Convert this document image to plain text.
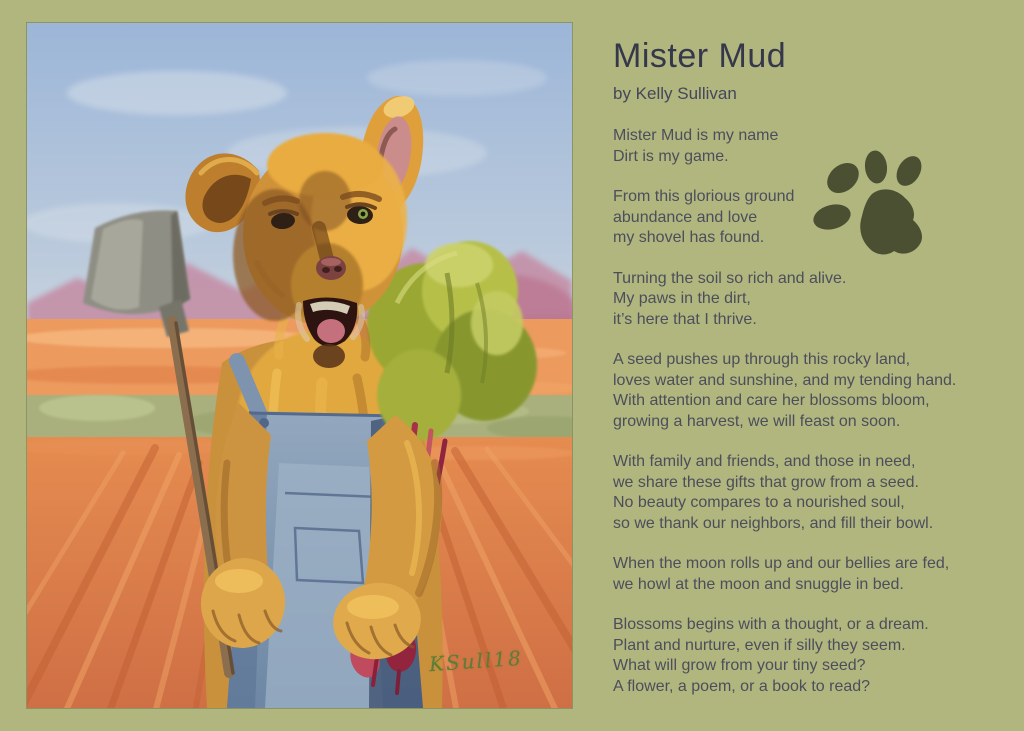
KSull18
Mister Mud
by Kelly Sullivan

Mister Mud is my name
Dirt is my game.

From this glorious ground
abundance and love
my shovel has found.

Turning the soil so rich and alive.
My paws in the dirt,
it’s here that I thrive.

A seed pushes up through this rocky land,
loves water and sunshine, and my tending hand.
With attention and care her blossoms bloom,
growing a harvest, we will feast on soon.

With family and friends, and those in need,
we share these gifts that grow from a seed.
No beauty compares to a nourished soul,
so we thank our neighbors, and fill their bowl.

When the moon rolls up and our bellies are fed,
we howl at the moon and snuggle in bed.

Blossoms begins with a thought, or a dream.
Plant and nurture, even if silly they seem.
What will grow from your tiny seed?
A flower, a poem, or a book to read?
